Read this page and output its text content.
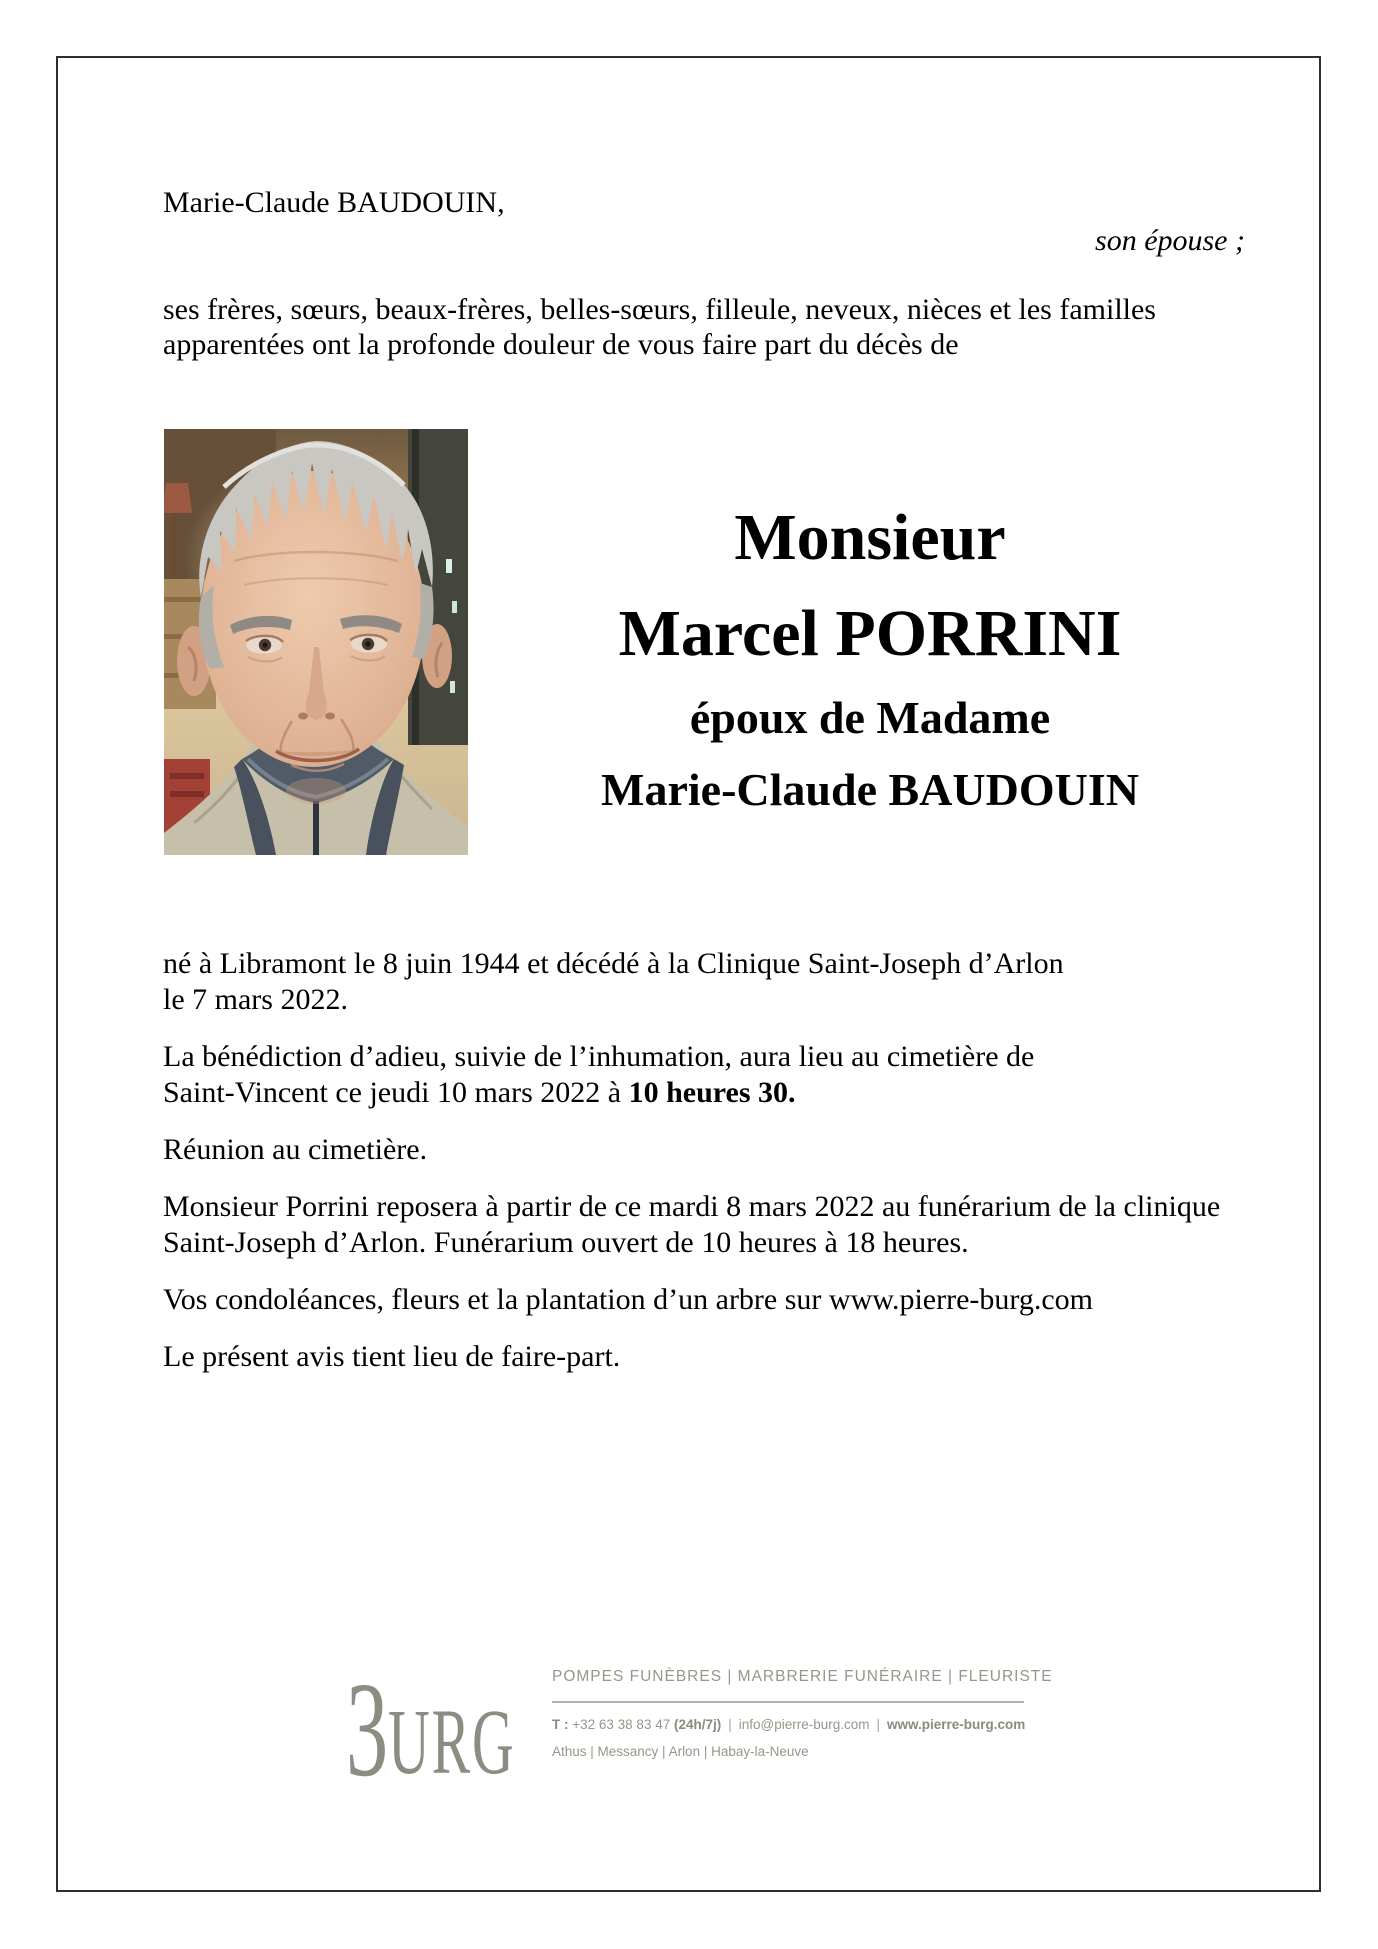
Marie-Claude BAUDOUIN,
son épouse ;
ses frères, sœurs, beaux-frères, belles-sœurs, filleule, neveux, nièces et les familles
apparentées ont la profonde douleur de vous faire part du décès de
Monsieur
Marcel PORRINI
époux de Madame
Marie-Claude BAUDOUIN

né à Libramont le 8 juin 1944 et décédé à la Clinique Saint-Joseph d’Arlon
le 7 mars 2022.

La bénédiction d’adieu, suivie de l’inhumation, aura lieu au cimetière de
Saint-Vincent ce jeudi 10 mars 2022 à 10 heures 30.

Réunion au cimetière.

Monsieur Porrini reposera à partir de ce mardi 8 mars 2022 au funérarium de la clinique
Saint-Joseph d’Arlon. Funérarium ouvert de 10 heures à 18 heures.

Vos condoléances, fleurs et la plantation d’un arbre sur www.pierre-burg.com

Le présent avis tient lieu de faire-part.

3 URG
POMPES FUNÈBRES | MARBRERIE FUNÉRAIRE | FLEURISTE
T : +32 63 38 83 47 (24h/7j) | info@pierre-burg.com | www.pierre-burg.com
Athus | Messancy | Arlon | Habay-la-Neuve
